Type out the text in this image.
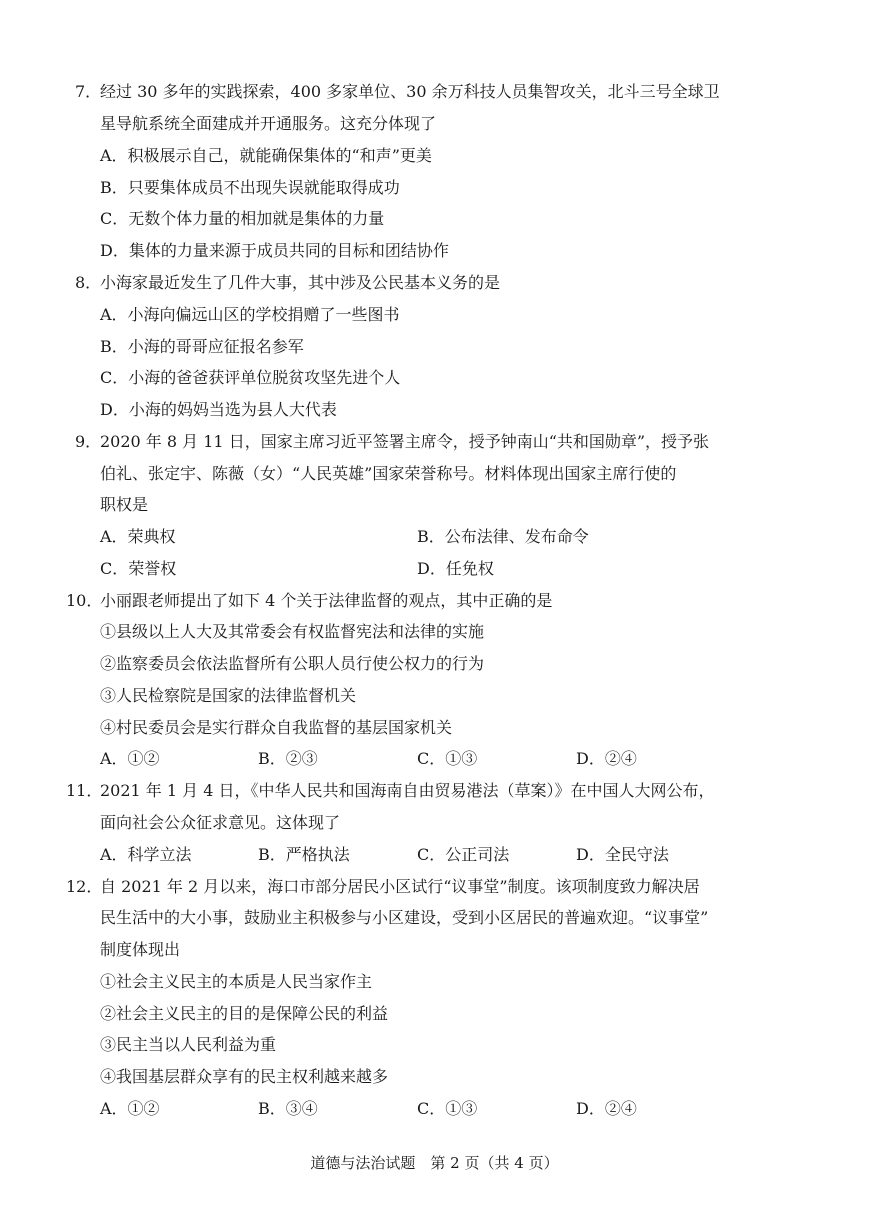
7．
经过 30 多年的实践探索，400 多家单位、30 余万科技人员集智攻关，北斗三号全球卫
星导航系统全面建成并开通服务。这充分体现了
A．积极展示自己，就能确保集体的“和声”更美
B．只要集体成员不出现失误就能取得成功
C．无数个体力量的相加就是集体的力量
D．集体的力量来源于成员共同的目标和团结协作
8．
小海家最近发生了几件大事，其中涉及公民基本义务的是
A．小海向偏远山区的学校捐赠了一些图书
B．小海的哥哥应征报名参军
C．小海的爸爸获评单位脱贫攻坚先进个人
D．小海的妈妈当选为县人大代表
9．
2020 年 8 月 11 日，国家主席习近平签署主席令，授予钟南山“共和国勋章”，授予张
伯礼、张定宇、陈薇（女）“人民英雄”国家荣誉称号。材料体现出国家主席行使的
职权是
A．荣典权	B．公布法律、发布命令
C．荣誉权	D．任免权
10．
小丽跟老师提出了如下 4 个关于法律监督的观点，其中正确的是
①县级以上人大及其常委会有权监督宪法和法律的实施
②监察委员会依法监督所有公职人员行使公权力的行为
③人民检察院是国家的法律监督机关
④村民委员会是实行群众自我监督的基层国家机关
A．①②	B．②③	C．①③	D．②④
11．
2021 年 1 月 4 日，《中华人民共和国海南自由贸易港法（草案）》在中国人大网公布，
面向社会公众征求意见。这体现了
A．科学立法	B．严格执法	C．公正司法	D．全民守法
12．
自 2021 年 2 月以来，海口市部分居民小区试行“议事堂”制度。该项制度致力解决居
民生活中的大小事，鼓励业主积极参与小区建设，受到小区居民的普遍欢迎。“议事堂”
制度体现出
①社会主义民主的本质是人民当家作主
②社会主义民主的目的是保障公民的利益
③民主当以人民利益为重
④我国基层群众享有的民主权利越来越多
A．①②	B．③④	C．①③	D．②④
道德与法治试题　第 2 页（共 4 页）
